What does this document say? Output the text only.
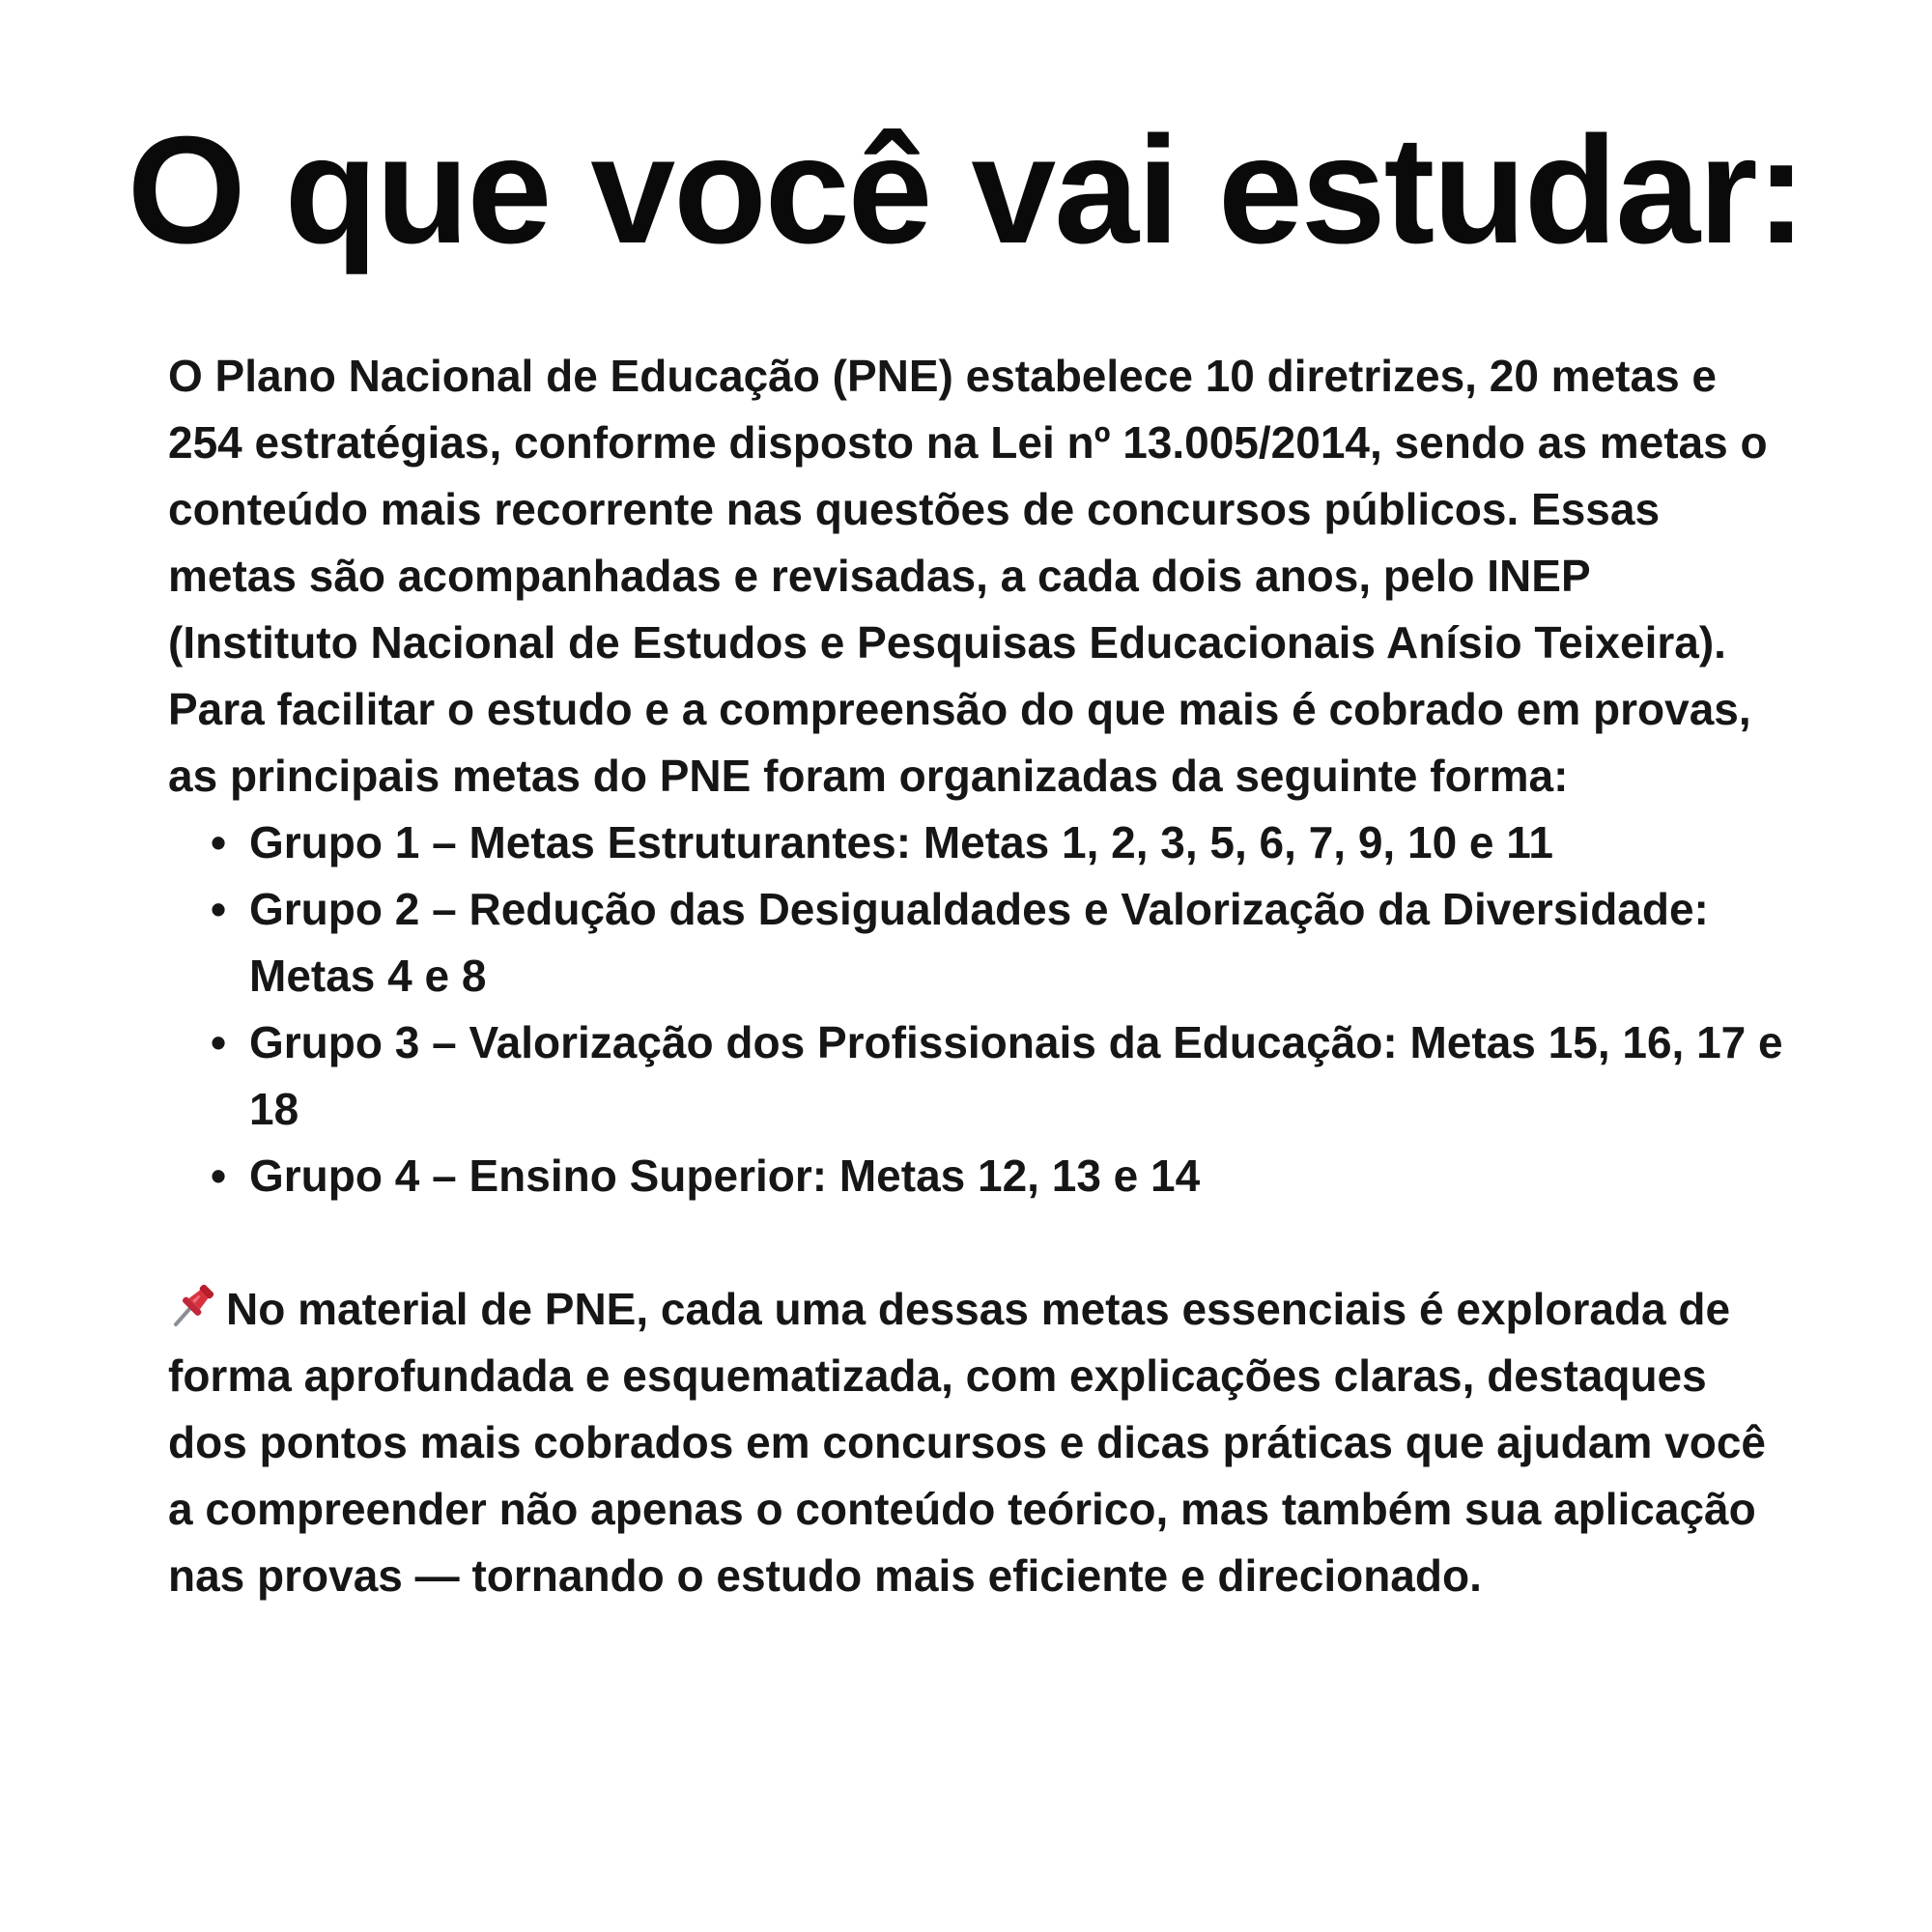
O que você vai estudar:

O Plano Nacional de Educação (PNE) estabelece 10 diretrizes, 20 metas e 254 estratégias, conforme disposto na Lei nº 13.005/2014, sendo as metas o conteúdo mais recorrente nas questões de concursos públicos. Essas metas são acompanhadas e revisadas, a cada dois anos, pelo INEP (Instituto Nacional de Estudos e Pesquisas Educacionais Anísio Teixeira). Para facilitar o estudo e a compreensão do que mais é cobrado em provas, as principais metas do PNE foram organizadas da seguinte forma:

• Grupo 1 – Metas Estruturantes: Metas 1, 2, 3, 5, 6, 7, 9, 10 e 11
• Grupo 2 – Redução das Desigualdades e Valorização da Diversidade: Metas 4 e 8
• Grupo 3 – Valorização dos Profissionais da Educação: Metas 15, 16, 17 e 18
• Grupo 4 – Ensino Superior: Metas 12, 13 e 14

No material de PNE, cada uma dessas metas essenciais é explorada de forma aprofundada e esquematizada, com explicações claras, destaques dos pontos mais cobrados em concursos e dicas práticas que ajudam você a compreender não apenas o conteúdo teórico, mas também sua aplicação nas provas — tornando o estudo mais eficiente e direcionado.
